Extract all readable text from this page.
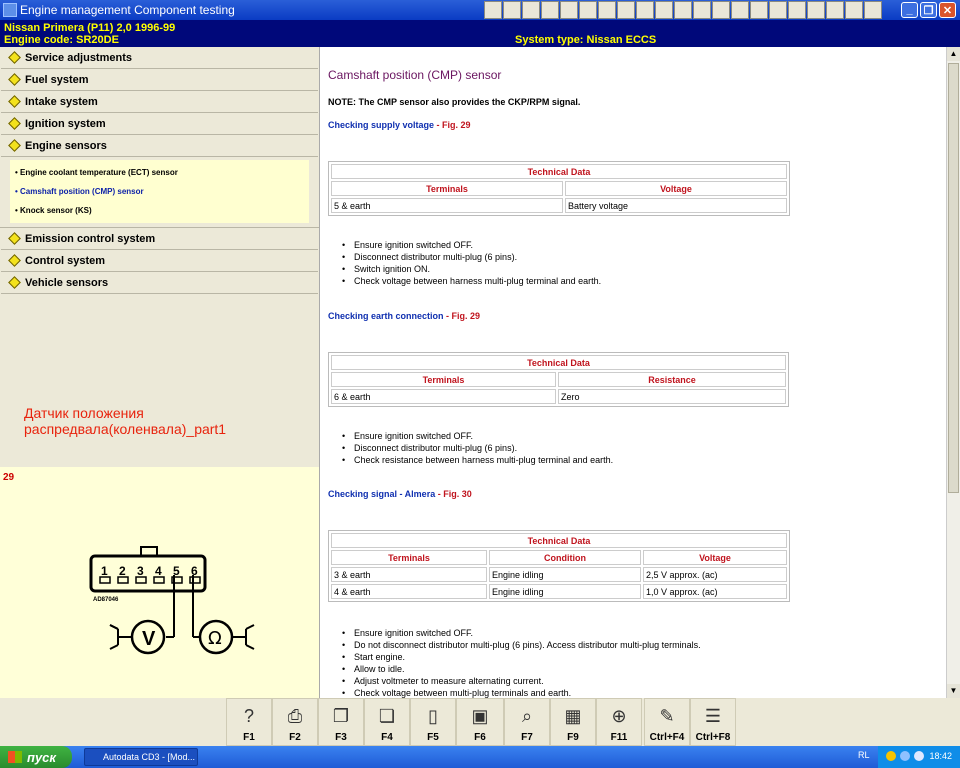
Engine management Component testing	_	❐ ✕
Nissan Primera (P11) 2,0 1996-99
Engine code: SR20DE	System type: Nissan ECCS
Service adjustments
Fuel system
Intake system
Ignition system
Engine sensors
• Engine coolant temperature (ECT) sensor
• Camshaft position (CMP) sensor
• Knock sensor (KS)
Emission control system
Control system
Vehicle sensors
Датчик положения
распредвала(коленвала)_part1
29
1 2 3 4 5 6
AD87046
V	Ω
Camshaft position (CMP) sensor
NOTE: The CMP sensor also provides the CKP/RPM signal.
Checking supply voltage - Fig. 29
Technical Data	
Terminals	Voltage
5 & earth	Battery voltage
• Ensure ignition switched OFF.
• Disconnect distributor multi-plug (6 pins).
• Switch ignition ON.
• Check voltage between harness multi-plug terminal and earth.
Checking earth connection - Fig. 29
Technical Data	
Terminals	Resistance
6 & earth	Zero
• Ensure ignition switched OFF.
• Disconnect distributor multi-plug (6 pins).
• Check resistance between harness multi-plug terminal and earth.
Checking signal - Almera - Fig. 30
Technical Data		
Terminals	Condition	Voltage
3 & earth	Engine idling	2,5 V approx. (ac)
4 & earth	Engine idling	1,0 V approx. (ac)
• Ensure ignition switched OFF.
• Do not disconnect distributor multi-plug (6 pins). Access distributor multi-plug terminals.
• Start engine.
• Allow to idle.
• Adjust voltmeter to measure alternating current.
• Check voltage between multi-plug terminals and earth.
▲
▼
?
F1
⎙
F2
❐
F3
❏
F4
▯
F5
▣
F6
⌕
F7
▦
F9
⊕
F11
✎
Ctrl+F4
☰
Ctrl+F8
пуск	Autodata CD3 - [Mod...	RL	18:42
